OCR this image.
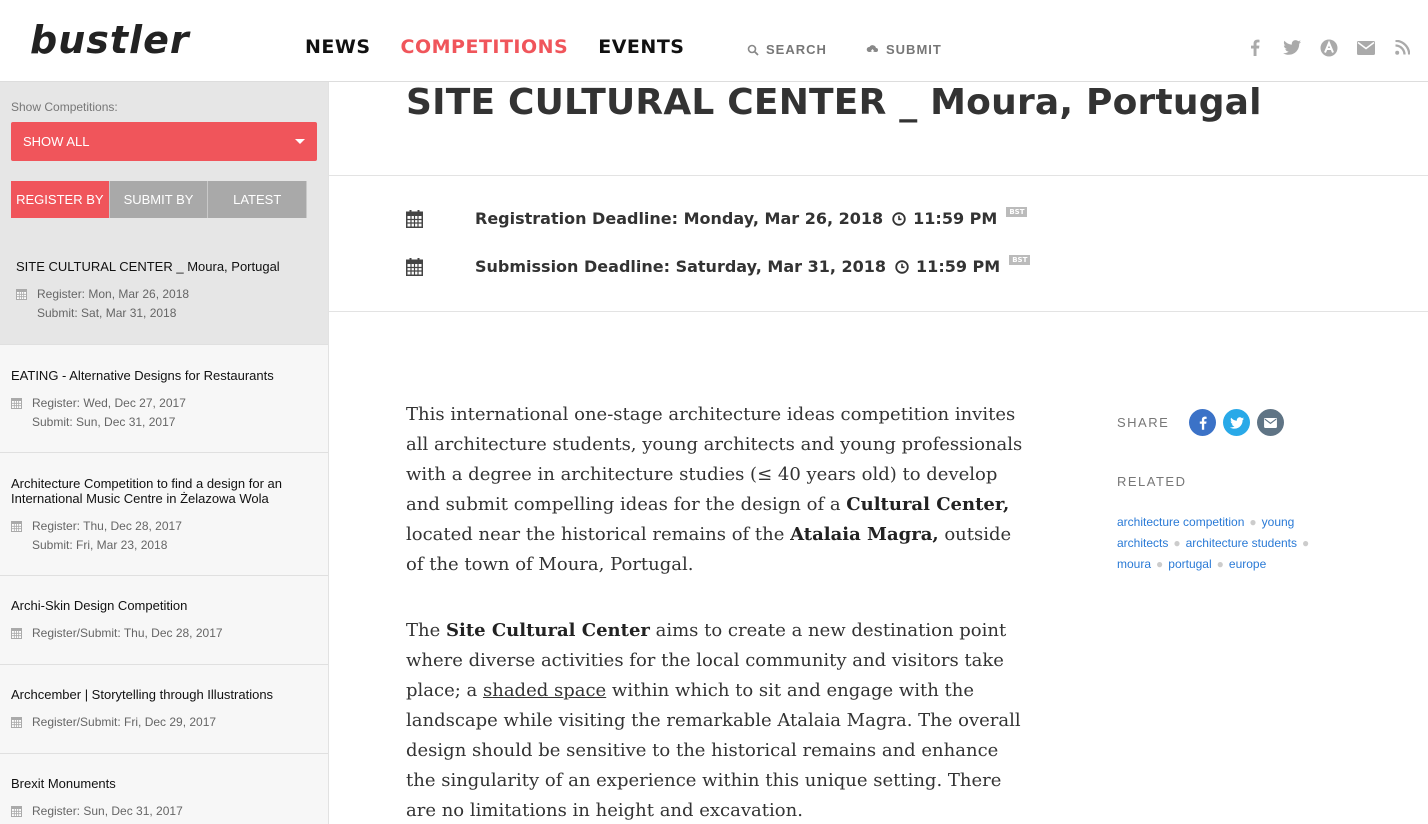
bustler	NEWS COMPETITIONS EVENTS	SEARCH	SUBMIT
Show Competitions:
SHOW ALL
REGISTER BY	SUBMIT BY	LATEST
SITE CULTURAL CENTER _ Moura, Portugal
Register: Mon, Mar 26, 2018
Submit: Sat, Mar 31, 2018
EATING - Alternative Designs for Restaurants
Register: Wed, Dec 27, 2017
Submit: Sun, Dec 31, 2017
Architecture Competition to find a design for an International Music Centre in Żelazowa Wola
Register: Thu, Dec 28, 2017
Submit: Fri, Mar 23, 2018
Archi-Skin Design Competition
Register/Submit: Thu, Dec 28, 2017
Archcember | Storytelling through Illustrations
Register/Submit: Fri, Dec 29, 2017
Brexit Monuments
Register: Sun, Dec 31, 2017
SITE CULTURAL CENTER _ Moura, Portugal
Registration Deadline:
Monday, Mar 26, 2018 11:59 PM	BST
Submission Deadline:
Saturday, Mar 31, 2018 11:59 PM	BST

This international one-stage architecture ideas competition invites all architecture students, young architects and young professionals with a degree in architecture studies (≤ 40 years old) to develop and submit compelling ideas for the design of a Cultural Center, located near the historical remains of the Atalaia Magra, outside of the town of Moura, Portugal.

The Site Cultural Center aims to create a new destination point where diverse activities for the local community and visitors take place; a shaded space within which to sit and engage with the landscape while visiting the remarkable Atalaia Magra. The overall design should be sensitive to the historical remains and enhance the singularity of an experience within this unique setting. There are no limitations in height and excavation.

SHARE
RELATED
architecture competition ● young architects ● architecture students ●
moura ● portugal ● europe
